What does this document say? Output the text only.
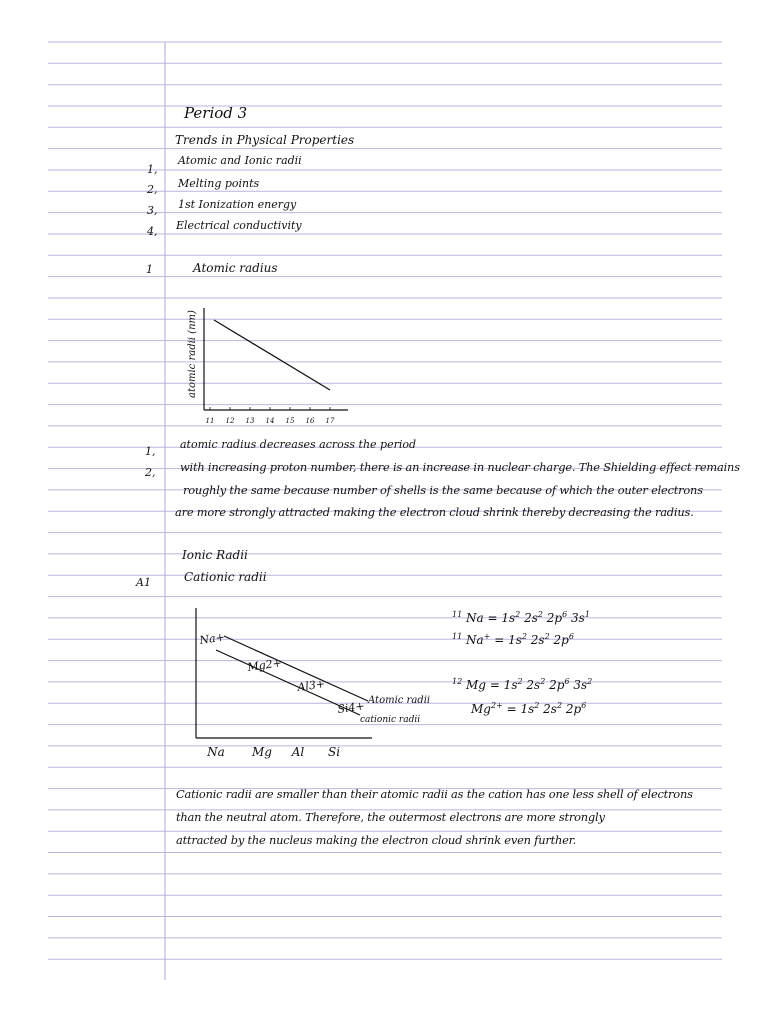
Period 3
Trends in Physical Properties
1,
Atomic and Ionic radii
2, Melting points
3, 1st Ionization energy
4, Electrical conductivity
1	Atomic radius
atomic radii (nm)
11 12 13 14 15 16 17
1,
atomic radius decreases across the period
2, with increasing proton number, there is an increase in nuclear charge. The Shielding effect remains
roughly the same because number of shells is the same because of which the outer electrons
are more strongly attracted making the electron cloud shrink thereby decreasing the radius.
Ionic Radii
A1	Cationic radii
Na+
Mg2+
Al3+
Si4+ Atomic radii
cationic radii
Na Mg Al Si
$^{11}$ $Na = 1s^2$ $2s^2$ $2p^6$ $3s^1$
$^{11}$ $Na^+ = 1s^2$ $2s^2$ $2p^6$
$^{12}$ $Mg = 1s^2$ $2s^2$ $2p^6$ $3s^2$
$Mg^{2+} = 1s^2$ $2s^2$ $2p^6$
Cationic radii are smaller than their atomic radii as the cation has one less shell of electrons
than the neutral atom. Therefore, the outermost electrons are more strongly
attracted by the nucleus making the electron cloud shrink even further.
